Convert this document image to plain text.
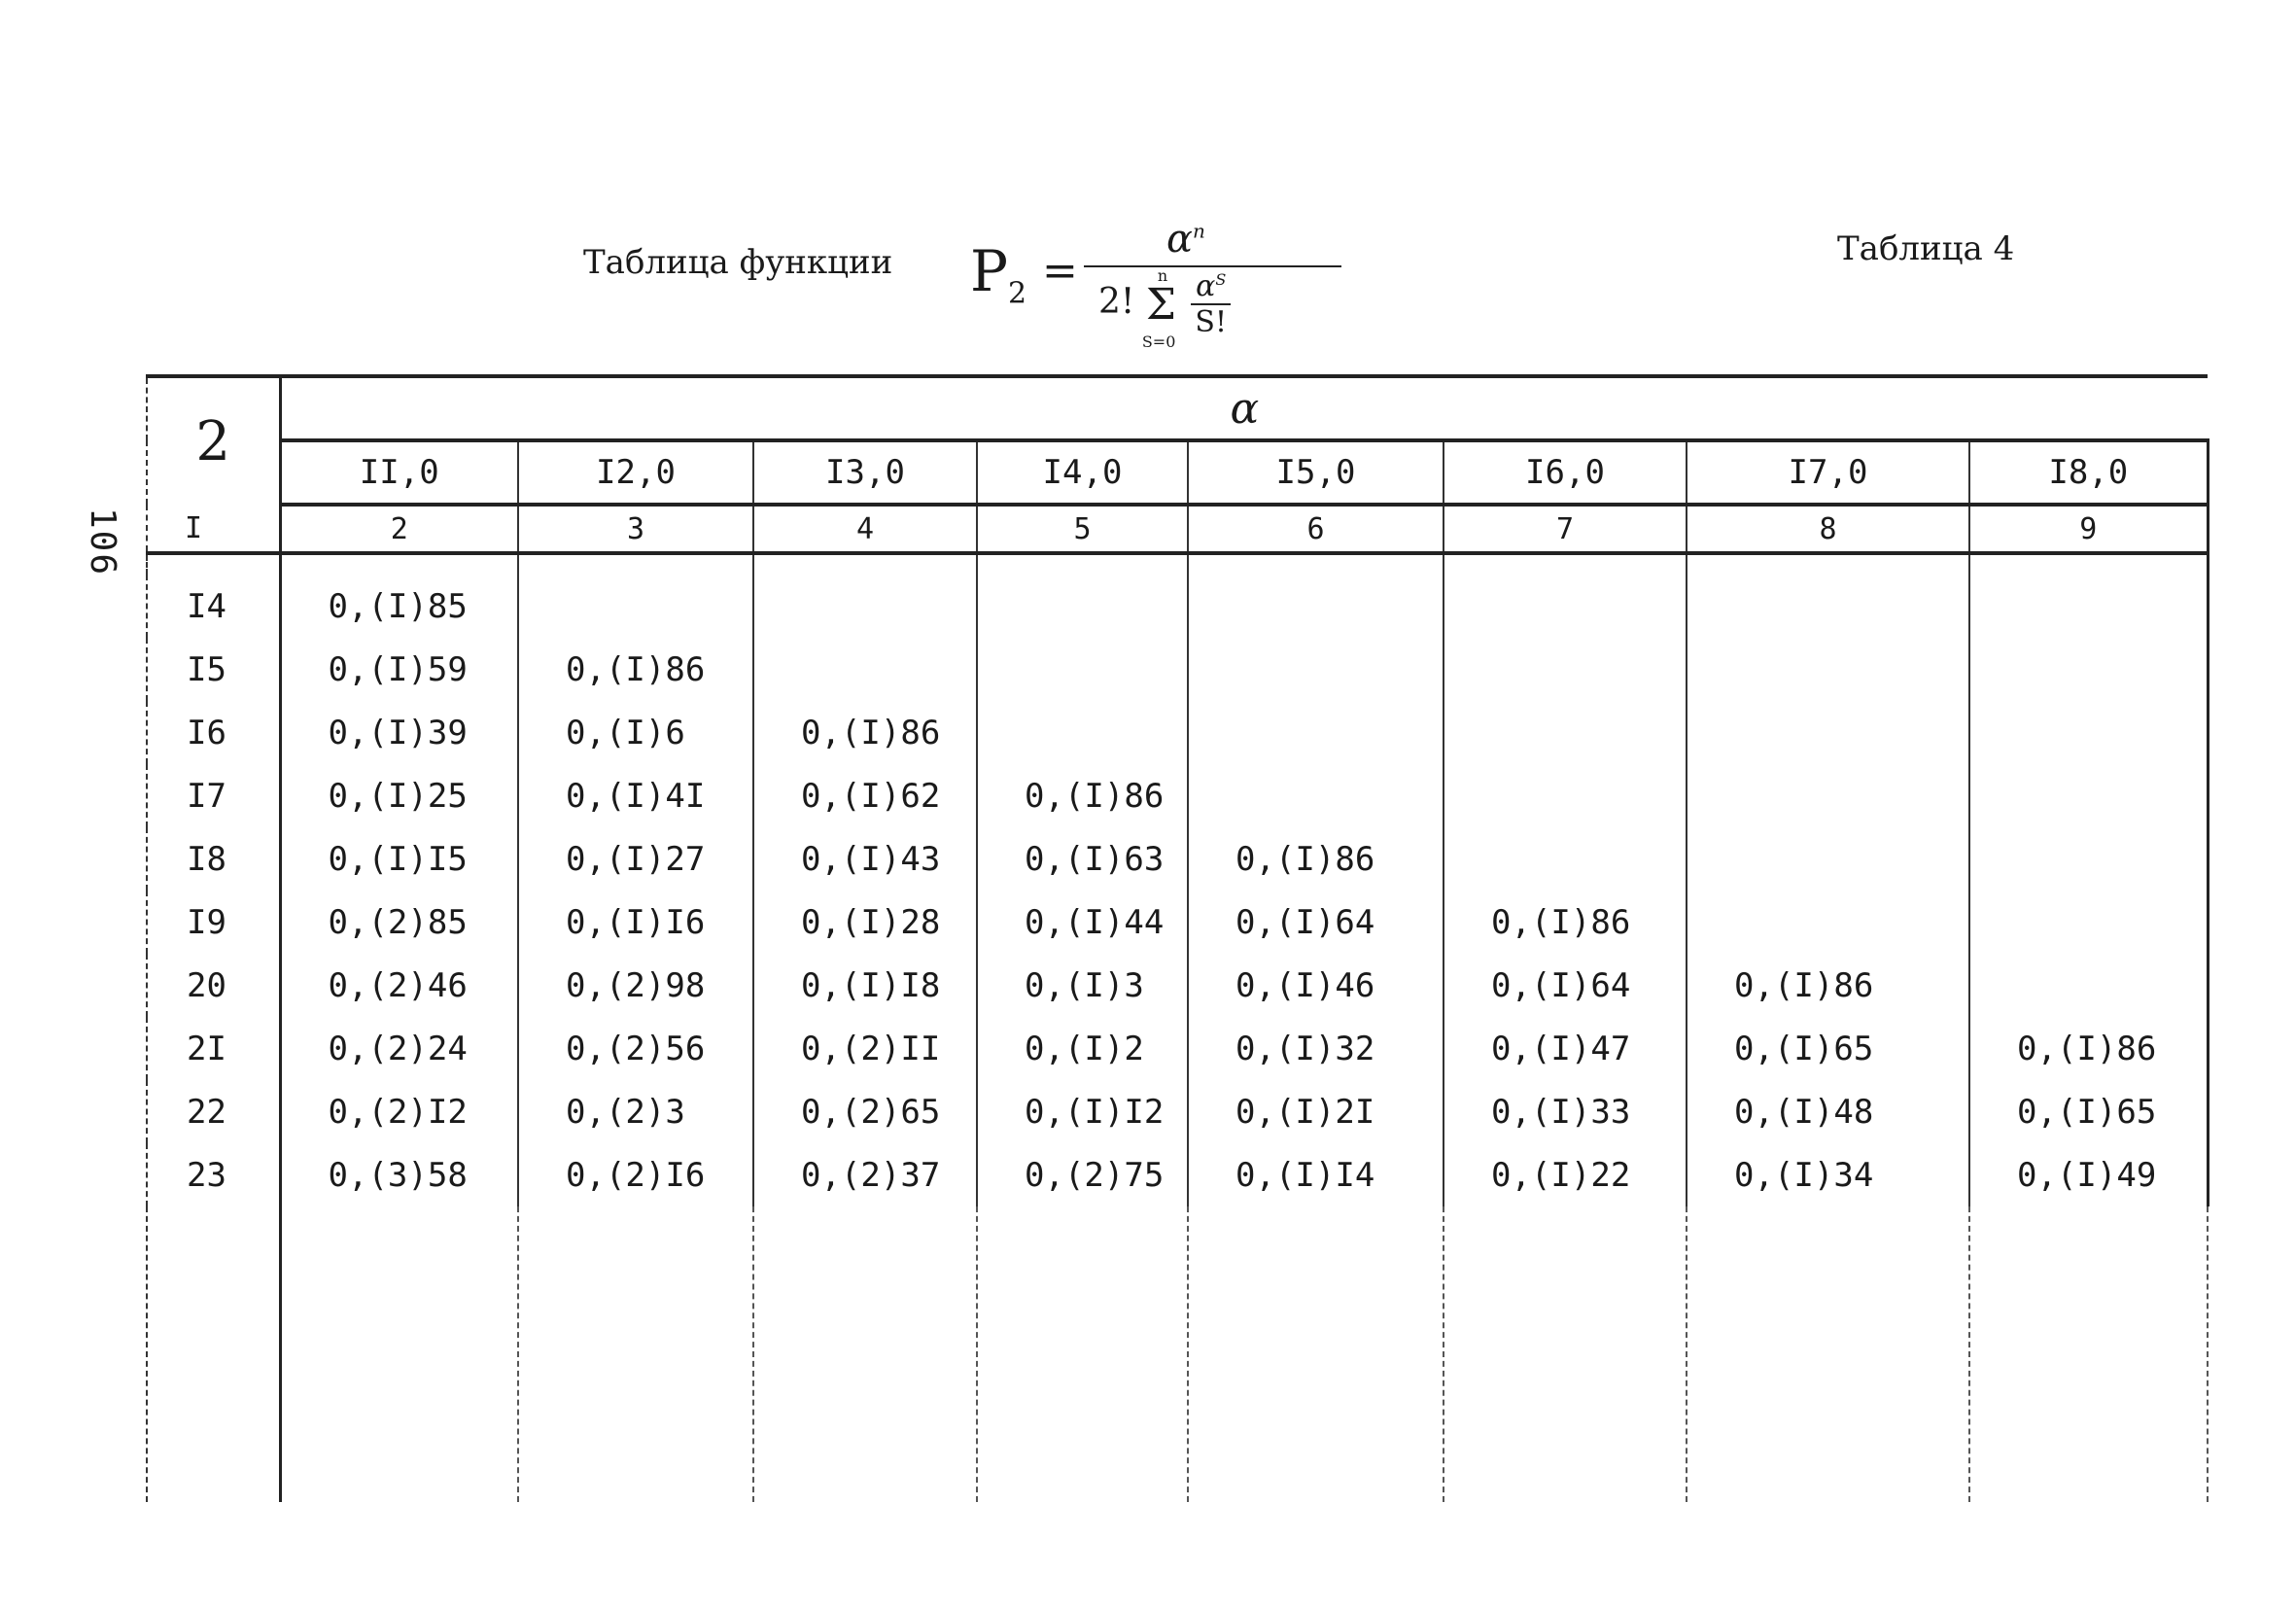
106
Таблица функции $P_2$ =
$\alpha^n$
2! Σ
n
S=0

$\frac{\alpha^S}{S!}$
Таблица 4
2	α							
	II,0	I2,0	I3,0	I4,0	I5,0	I6,0	I7,0	I8,0
I	2	3	4	5	6	7	8	9

I4	0,(I)85							
I5	0,(I)59	0,(I)86						
I6	0,(I)39	0,(I)6	0,(I)86					
I7	0,(I)25	0,(I)4I	0,(I)62	0,(I)86				
I8	0,(I)I5	0,(I)27	0,(I)43	0,(I)63	0,(I)86			
I9	0,(2)85	0,(I)I6	0,(I)28	0,(I)44	0,(I)64	0,(I)86		
20	0,(2)46	0,(2)98	0,(I)I8	0,(I)3	0,(I)46	0,(I)64	0,(I)86	
2I	0,(2)24	0,(2)56	0,(2)II	0,(I)2	0,(I)32	0,(I)47	0,(I)65	0,(I)86
22	0,(2)I2	0,(2)3	0,(2)65	0,(I)I2	0,(I)2I	0,(I)33	0,(I)48	0,(I)65
23	0,(3)58	0,(2)I6	0,(2)37	0,(2)75	0,(I)I4	0,(I)22	0,(I)34	0,(I)49
